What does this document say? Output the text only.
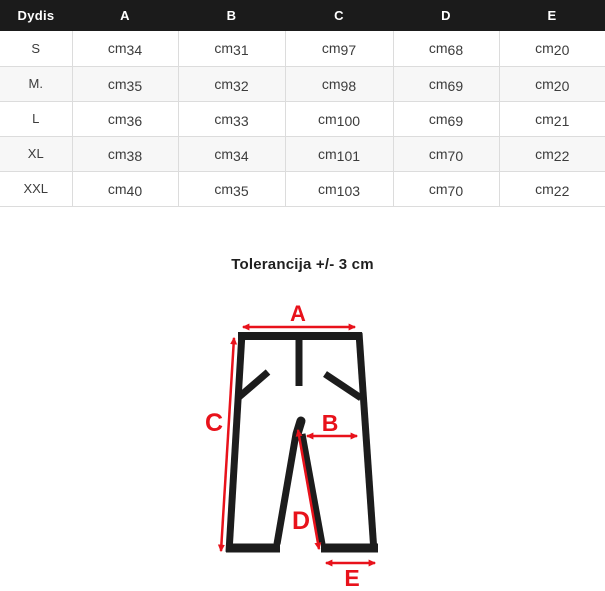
Dydis	A	B	C	D	E
S	cm34	cm31	cm97	cm68	cm20
M.	cm35	cm32	cm98	cm69	cm20
L	cm36	cm33	cm100	cm69	cm21
XL	cm38	cm34	cm101	cm70	cm22
XXL	cm40	cm35	cm103	cm70	cm22
Tolerancija +/- 3 cm
A
B
C
D
E
